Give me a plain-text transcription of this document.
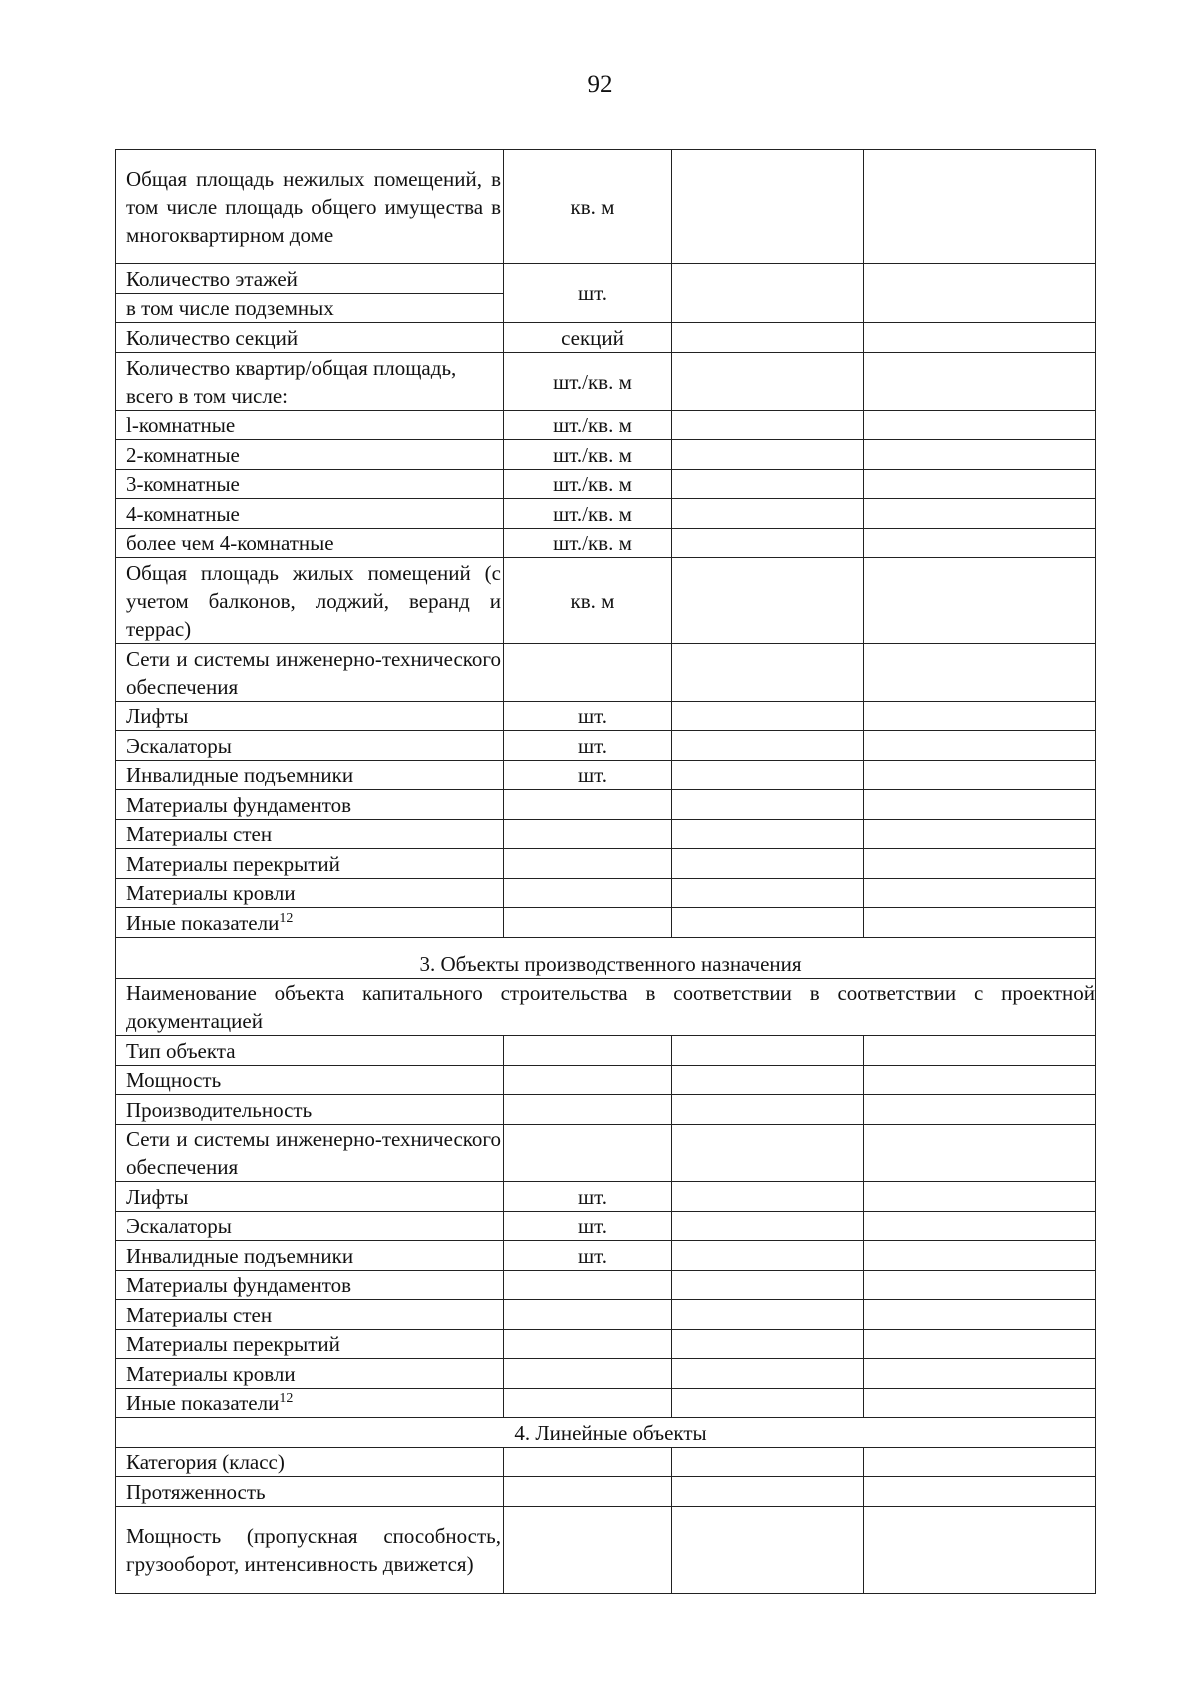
92
Общая площадь нежилых помещений, в том числе площадь общего имущества в многоквартирном доме	кв. м		
Количество этажей	шт.		
в том числе подземных			
Количество секций	секций		
Количество квартир/общая площадь, всего в том числе:	шт./кв. м		
l-комнатные	шт./кв. м		
2-комнатные	шт./кв. м		
3-комнатные	шт./кв. м		
4-комнатные	шт./кв. м		
более чем 4-комнатные	шт./кв. м		
Общая площадь жилых помещений (с учетом балконов, лоджий, веранд и террас)	кв. м		
Сети и системы инженерно-технического обеспечения			
Лифты	шт.		
Эскалаторы	шт.		
Инвалидные подъемники	шт.		
Материалы фундаментов			
Материалы стен			
Материалы перекрытий			
Материалы кровли			
Иные показатели$^{12}$			
3. Объекты производственного назначения			
Наименование объекта капитального строительства в соответствии в соответствии с проектной документацией			
Тип объекта			
Мощность			
Производительность			
Сети и системы инженерно-технического обеспечения			
Лифты	шт.		
Эскалаторы	шт.		
Инвалидные подъемники	шт.		
Материалы фундаментов			
Материалы стен			
Материалы перекрытий			
Материалы кровли			
Иные показатели$^{12}$			
4. Линейные объекты			
Категория (класс)			
Протяженность			
Мощность (пропускная способность, грузооборот, интенсивность движется)			
